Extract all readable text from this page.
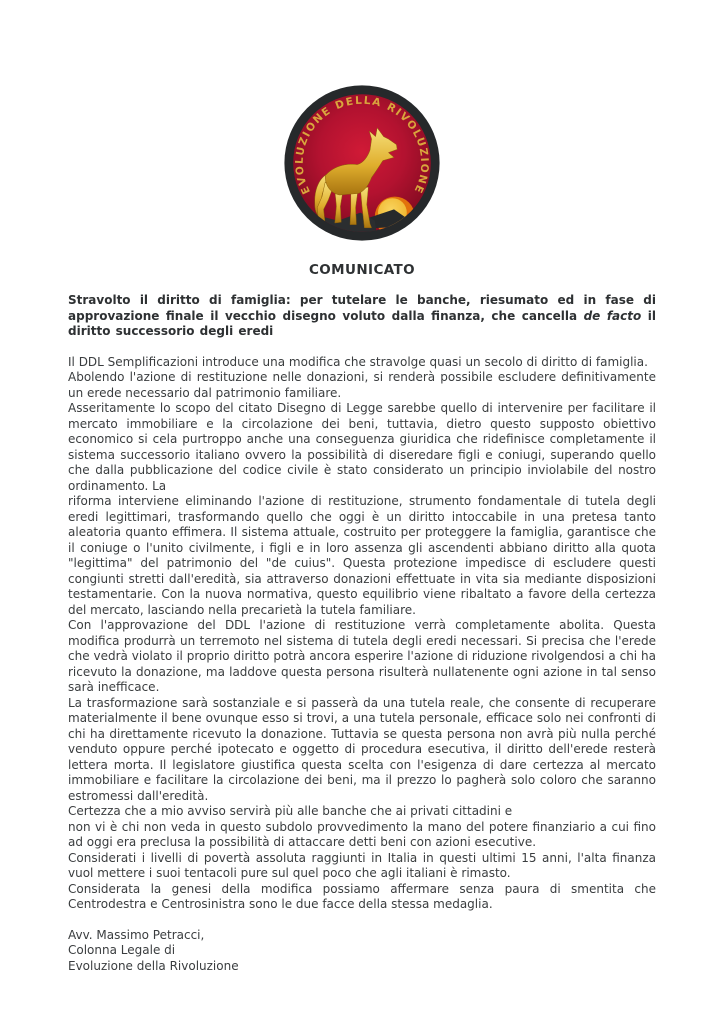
EVOLUZIONE DELLA RIVOLUZIONE
COMUNICATO

Stravolto il diritto di famiglia: per tutelare le banche, riesumato ed in fase di approvazione finale il vecchio disegno voluto dalla finanza, che cancella de facto il diritto successorio degli eredi

Il DDL Semplificazioni introduce una modifica che stravolge quasi un secolo di diritto di famiglia.

Abolendo l'azione di restituzione nelle donazioni, si renderà possibile escludere definitivamente un erede necessario dal patrimonio familiare.

Asseritamente lo scopo del citato Disegno di Legge sarebbe quello di intervenire per facilitare il mercato immobiliare e la circolazione dei beni, tuttavia, dietro questo supposto obiettivo economico si cela purtroppo anche una conseguenza giuridica che ridefinisce completamente il sistema successorio italiano ovvero la possibilità di diseredare figli e coniugi, superando quello che dalla pubblicazione del codice civile è stato considerato un principio inviolabile del nostro ordinamento. La

riforma interviene eliminando l'azione di restituzione, strumento fondamentale di tutela degli eredi legittimari, trasformando quello che oggi è un diritto intoccabile in una pretesa tanto aleatoria quanto effimera. Il sistema attuale, costruito per proteggere la famiglia, garantisce che il coniuge o l'unito civilmente, i figli e in loro assenza gli ascendenti abbiano diritto alla quota "legittima" del patrimonio del "de cuius". Questa protezione impedisce di escludere questi congiunti stretti dall'eredità, sia attraverso donazioni effettuate in vita sia mediante disposizioni testamentarie. Con la nuova normativa, questo equilibrio viene ribaltato a favore della certezza del mercato, lasciando nella precarietà la tutela familiare.

Con l'approvazione del DDL l'azione di restituzione verrà completamente abolita. Questa modifica produrrà un terremoto nel sistema di tutela degli eredi necessari. Si precisa che l'erede che vedrà violato il proprio diritto potrà ancora esperire l'azione di riduzione rivolgendosi a chi ha ricevuto la donazione, ma laddove questa persona risulterà nullatenente ogni azione in tal senso sarà inefficace.

La trasformazione sarà sostanziale e si passerà da una tutela reale, che consente di recuperare materialmente il bene ovunque esso si trovi, a una tutela personale, efficace solo nei confronti di chi ha direttamente ricevuto la donazione. Tuttavia se questa persona non avrà più nulla perché venduto oppure perché ipotecato e oggetto di procedura esecutiva, il diritto dell'erede resterà lettera morta. Il legislatore giustifica questa scelta con l'esigenza di dare certezza al mercato immobiliare e facilitare la circolazione dei beni, ma il prezzo lo pagherà solo coloro che saranno estromessi dall'eredità.

Certezza che a mio avviso servirà più alle banche che ai privati cittadini e

non vi è chi non veda in questo subdolo provvedimento la mano del potere finanziario a cui fino ad oggi era preclusa la possibilità di attaccare detti beni con azioni esecutive.

Considerati i livelli di povertà assoluta raggiunti in Italia in questi ultimi 15 anni, l'alta finanza vuol mettere i suoi tentacoli pure sul quel poco che agli italiani è rimasto.

Considerata la genesi della modifica possiamo affermare senza paura di smentita che Centrodestra e Centrosinistra sono le due facce della stessa medaglia.

Avv. Massimo Petracci,

Colonna Legale di

Evoluzione della Rivoluzione
